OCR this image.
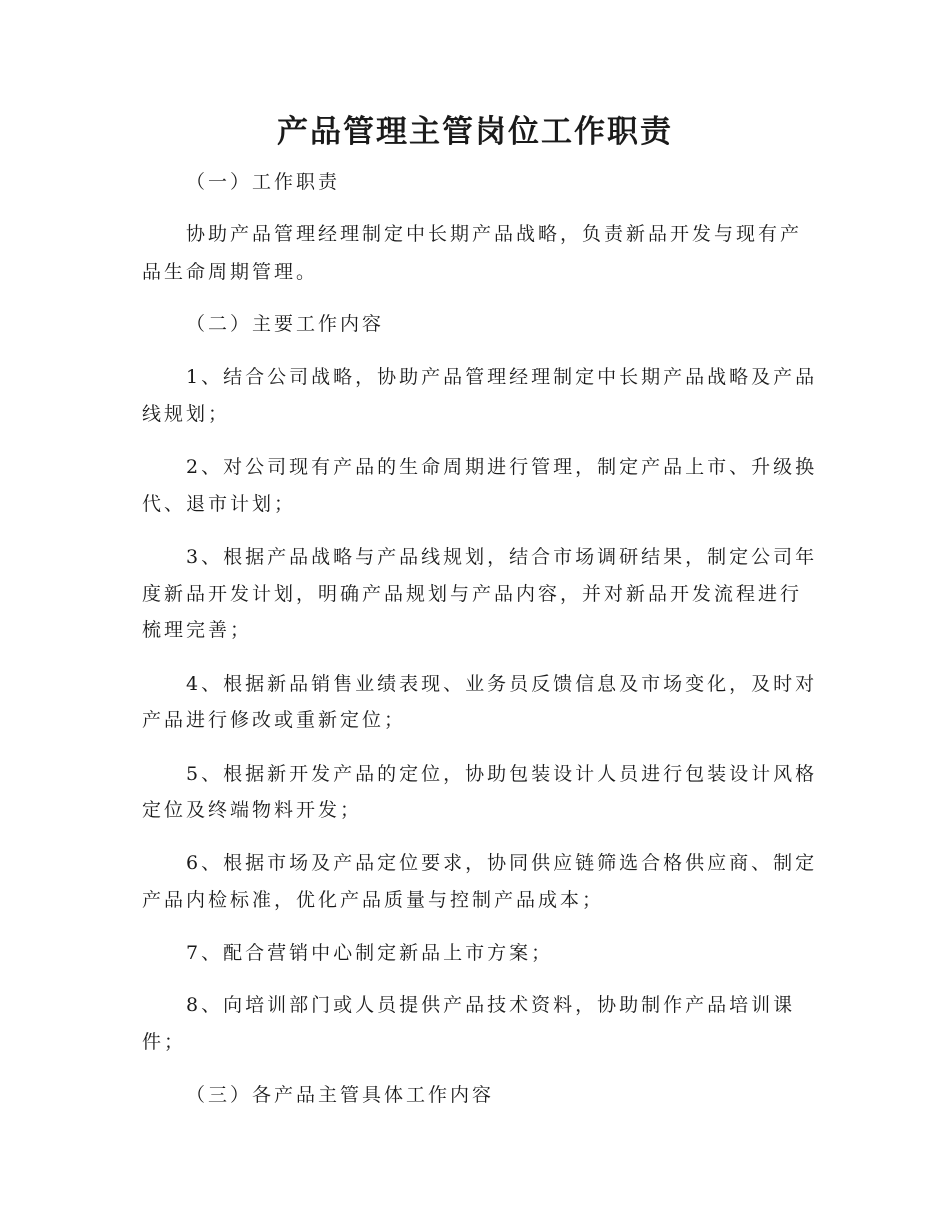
产品管理主管岗位工作职责
（一）工作职责
协助产品管理经理制定中长期产品战略，负责新品开发与现有产
品生命周期管理。
（二）主要工作内容
1、结合公司战略，协助产品管理经理制定中长期产品战略及产品
线规划；
2、对公司现有产品的生命周期进行管理，制定产品上市、升级换
代、退市计划；
3、根据产品战略与产品线规划，结合市场调研结果，制定公司年
度新品开发计划，明确产品规划与产品内容，并对新品开发流程进行
梳理完善；
4、根据新品销售业绩表现、业务员反馈信息及市场变化，及时对
产品进行修改或重新定位；
5、根据新开发产品的定位，协助包装设计人员进行包装设计风格
定位及终端物料开发；
6、根据市场及产品定位要求，协同供应链筛选合格供应商、制定
产品内检标准，优化产品质量与控制产品成本；
7、配合营销中心制定新品上市方案；
8、向培训部门或人员提供产品技术资料，协助制作产品培训课
件；
（三）各产品主管具体工作内容
